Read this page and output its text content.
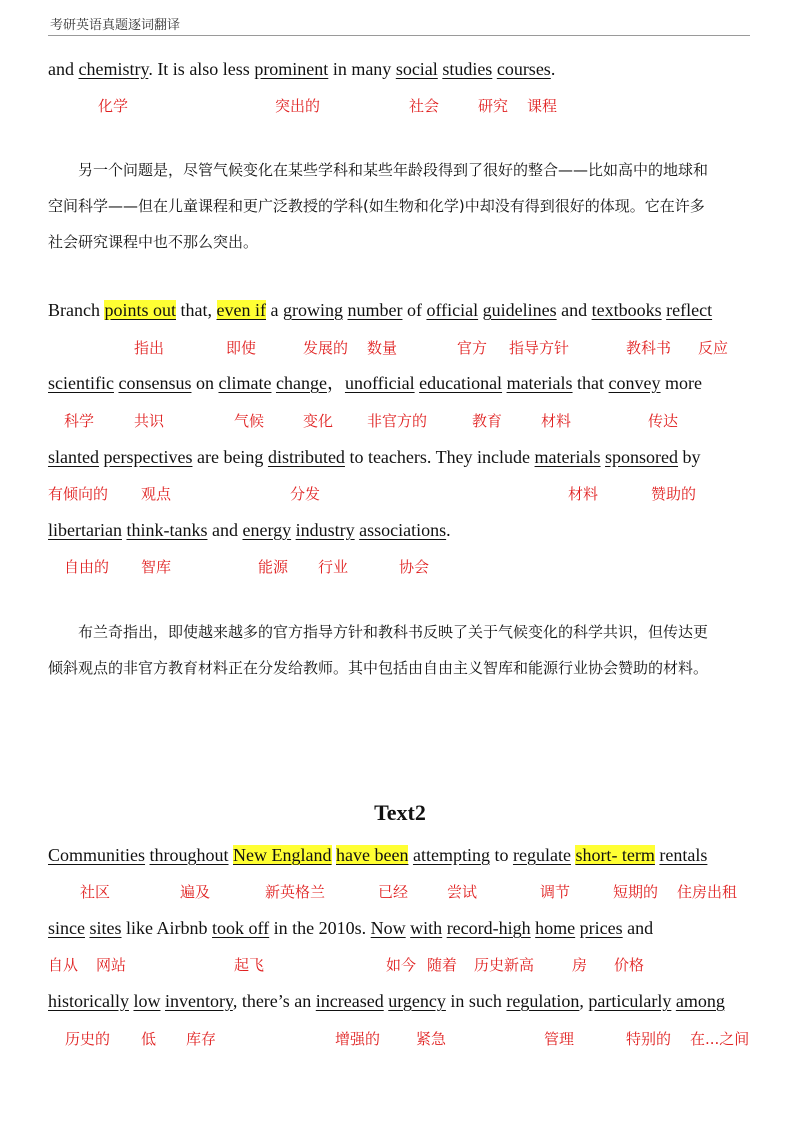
考研英语真题逐词翻译
and chemistry. It is also less prominent in many social studies courses.
Branch points out that, even if a growing number of official guidelines and textbooks reflect
scientific consensus on climate change，unofficial educational materials that convey more
slanted perspectives are being distributed to teachers. They include materials sponsored by
libertarian think-tanks and energy industry associations.
Communities throughout New England have been attempting to regulate short- term rentals
since sites like Airbnb took off in the 2010s. Now with record-high home prices and
historically low inventory, there’s an increased urgency in such regulation, particularly among
化学	突出的	社会	研究 课程
指出	即使	发展的 数量	官方 指导方针	教科书 反应
科学	共识	气候	变化 非官方的	教育	材料	传达
有倾向的 观点	分发	材料	赞助的
自由的 智库	能源 行业	协会
社区	遍及	新英格兰	已经	尝试	调节	短期的 住房出租
自从 网站	起飞	如今 随着 历史新高	房 价格
历史的 低 库存	增强的 紧急	管理	特别的 在...之间
　　另一个问题是，尽管气候变化在某些学科和某些年龄段得到了很好的整合——比如高中的地球和
空间科学——但在儿童课程和更广泛教授的学科(如生物和化学)中却没有得到很好的体现。它在许多
社会研究课程中也不那么突出。
　　布兰奇指出，即使越来越多的官方指导方针和教科书反映了关于气候变化的科学共识，但传达更
倾斜观点的非官方教育材料正在分发给教师。其中包括由自由主义智库和能源行业协会赞助的材料。
Text2
